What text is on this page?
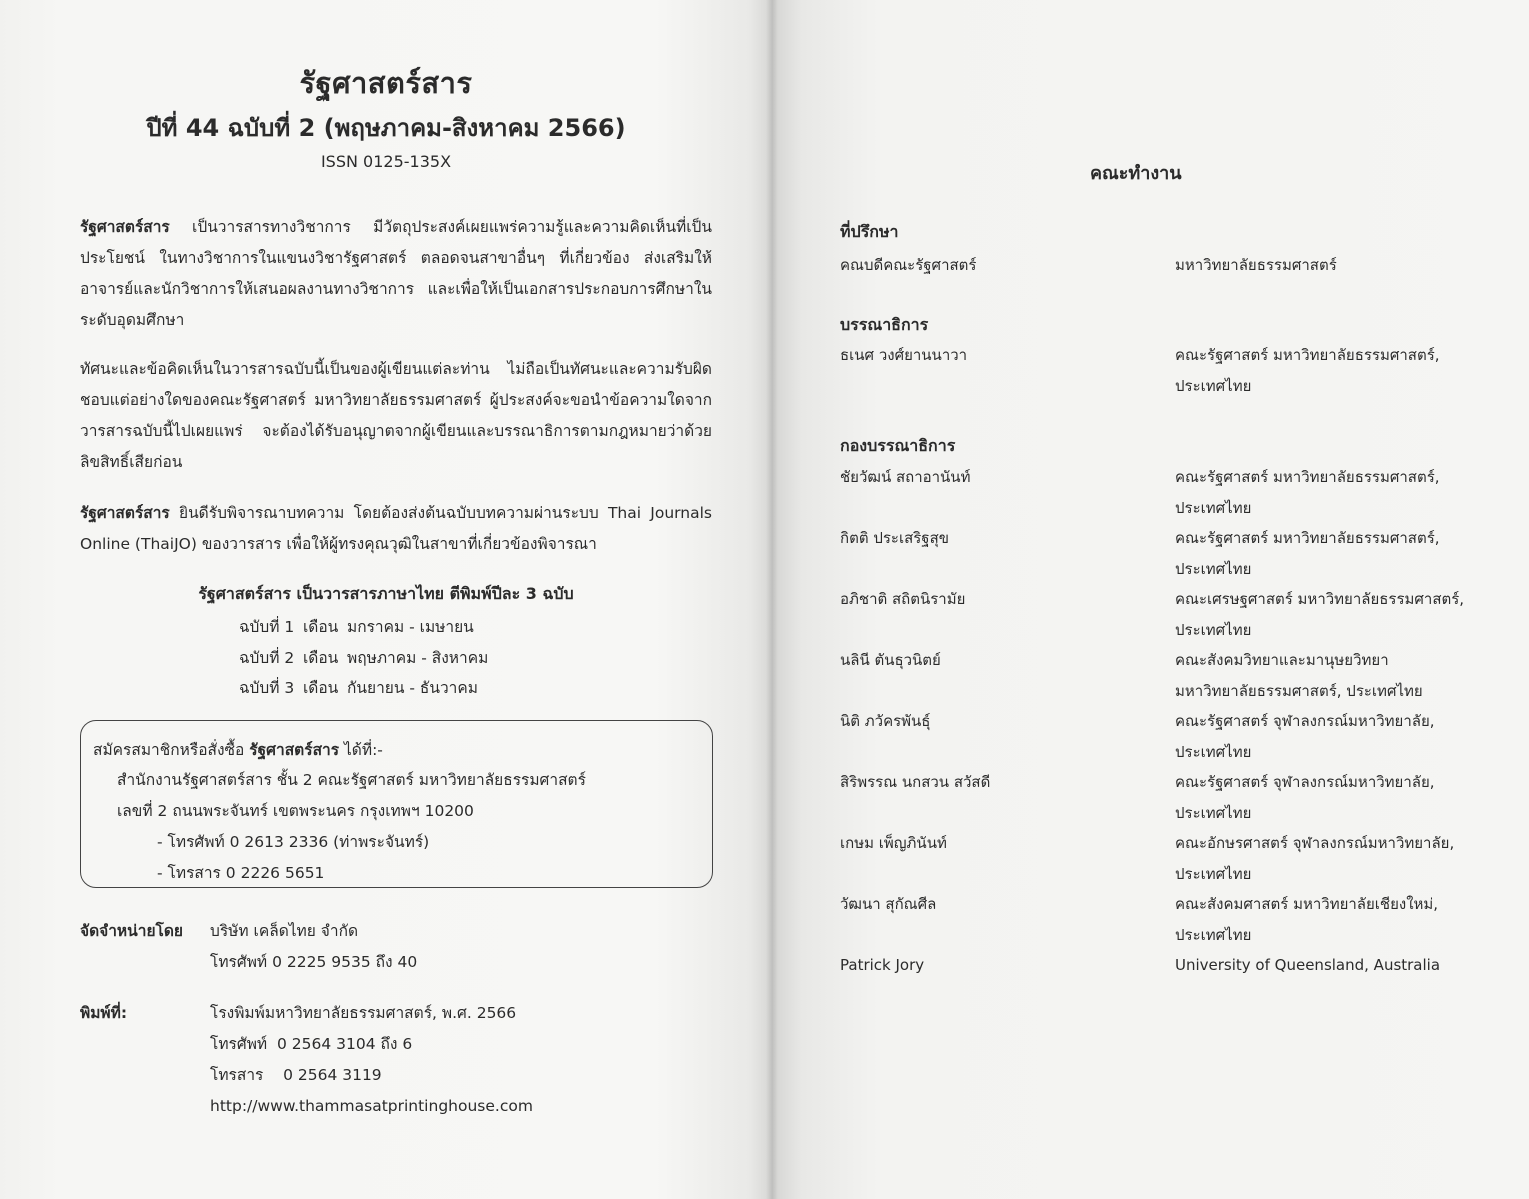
รัฐศาสตร์สาร
ปีที่ 44 ฉบับที่ 2 (พฤษภาคม-สิงหาคม 2566)
ISSN 0125-135X

รัฐศาสตร์สาร เป็นวารสารทางวิชาการ มีวัตถุประสงค์เผยแพร่ความรู้และความคิดเห็นที่เป็นประโยชน์ ในทางวิชาการในแขนงวิชารัฐศาสตร์ ตลอดจนสาขาอื่นๆ ที่เกี่ยวข้อง ส่งเสริมให้อาจารย์และนักวิชาการให้เสนอผลงานทางวิชาการ และเพื่อให้เป็นเอกสารประกอบการศึกษาในระดับอุดมศึกษา

ทัศนะและข้อคิดเห็นในวารสารฉบับนี้เป็นของผู้เขียนแต่ละท่าน ไม่ถือเป็นทัศนะและความรับผิดชอบแต่อย่างใดของคณะรัฐศาสตร์ มหาวิทยาลัยธรรมศาสตร์ ผู้ประสงค์จะขอนำข้อความใดจากวารสารฉบับนี้ไปเผยแพร่ จะต้องได้รับอนุญาตจากผู้เขียนและบรรณาธิการตามกฎหมายว่าด้วยลิขสิทธิ์เสียก่อน

รัฐศาสตร์สาร ยินดีรับพิจารณาบทความ โดยต้องส่งต้นฉบับบทความผ่านระบบ Thai Journals Online (ThaiJO) ของวารสาร เพื่อให้ผู้ทรงคุณวุฒิในสาขาที่เกี่ยวข้องพิจารณา

รัฐศาสตร์สาร เป็นวารสารภาษาไทย ตีพิมพ์ปีละ 3 ฉบับ
ฉบับที่ 1 เดือน มกราคม - เมษายน
ฉบับที่ 2 เดือน พฤษภาคม - สิงหาคม
ฉบับที่ 3 เดือน กันยายน - ธันวาคม
สมัครสมาชิกหรือสั่งซื้อ รัฐศาสตร์สาร ได้ที่:-
สำนักงานรัฐศาสตร์สาร ชั้น 2 คณะรัฐศาสตร์ มหาวิทยาลัยธรรมศาสตร์
เลขที่ 2 ถนนพระจันทร์ เขตพระนคร กรุงเทพฯ 10200
- โทรศัพท์ 0 2613 2336 (ท่าพระจันทร์)
- โทรสาร 0 2226 5651
จัดจำหน่ายโดย บริษัท เคล็ดไทย จำกัด
โทรศัพท์ 0 2225 9535 ถึง 40
พิมพ์ที่:	โรงพิมพ์มหาวิทยาลัยธรรมศาสตร์, พ.ศ. 2566
โทรศัพท์  0 2564 3104 ถึง 6
โทรสาร    0 2564 3119
http://www.thammasatprintinghouse.com
คณะทำงาน
ที่ปรึกษา
คณบดีคณะรัฐศาสตร์	มหาวิทยาลัยธรรมศาสตร์
บรรณาธิการ
ธเนศ วงศ์ยานนาวา	คณะรัฐศาสตร์ มหาวิทยาลัยธรรมศาสตร์,
ประเทศไทย
กองบรรณาธิการ
ชัยวัฒน์ สถาอานันท์	คณะรัฐศาสตร์ มหาวิทยาลัยธรรมศาสตร์,
ประเทศไทย
กิตติ ประเสริฐสุข	คณะรัฐศาสตร์ มหาวิทยาลัยธรรมศาสตร์,
ประเทศไทย
อภิชาติ สถิตนิรามัย	คณะเศรษฐศาสตร์ มหาวิทยาลัยธรรมศาสตร์,
ประเทศไทย
นลินี ตันธุวนิตย์	คณะสังคมวิทยาและมานุษยวิทยา
มหาวิทยาลัยธรรมศาสตร์, ประเทศไทย
นิติ ภวัครพันธุ์	คณะรัฐศาสตร์ จุฬาลงกรณ์มหาวิทยาลัย,
ประเทศไทย
สิริพรรณ นกสวน สวัสดี	คณะรัฐศาสตร์ จุฬาลงกรณ์มหาวิทยาลัย,
ประเทศไทย
เกษม เพ็ญภินันท์	คณะอักษรศาสตร์ จุฬาลงกรณ์มหาวิทยาลัย,
ประเทศไทย
วัฒนา สุกัณศีล	คณะสังคมศาสตร์ มหาวิทยาลัยเชียงใหม่,
ประเทศไทย
Patrick Jory	University of Queensland, Australia
